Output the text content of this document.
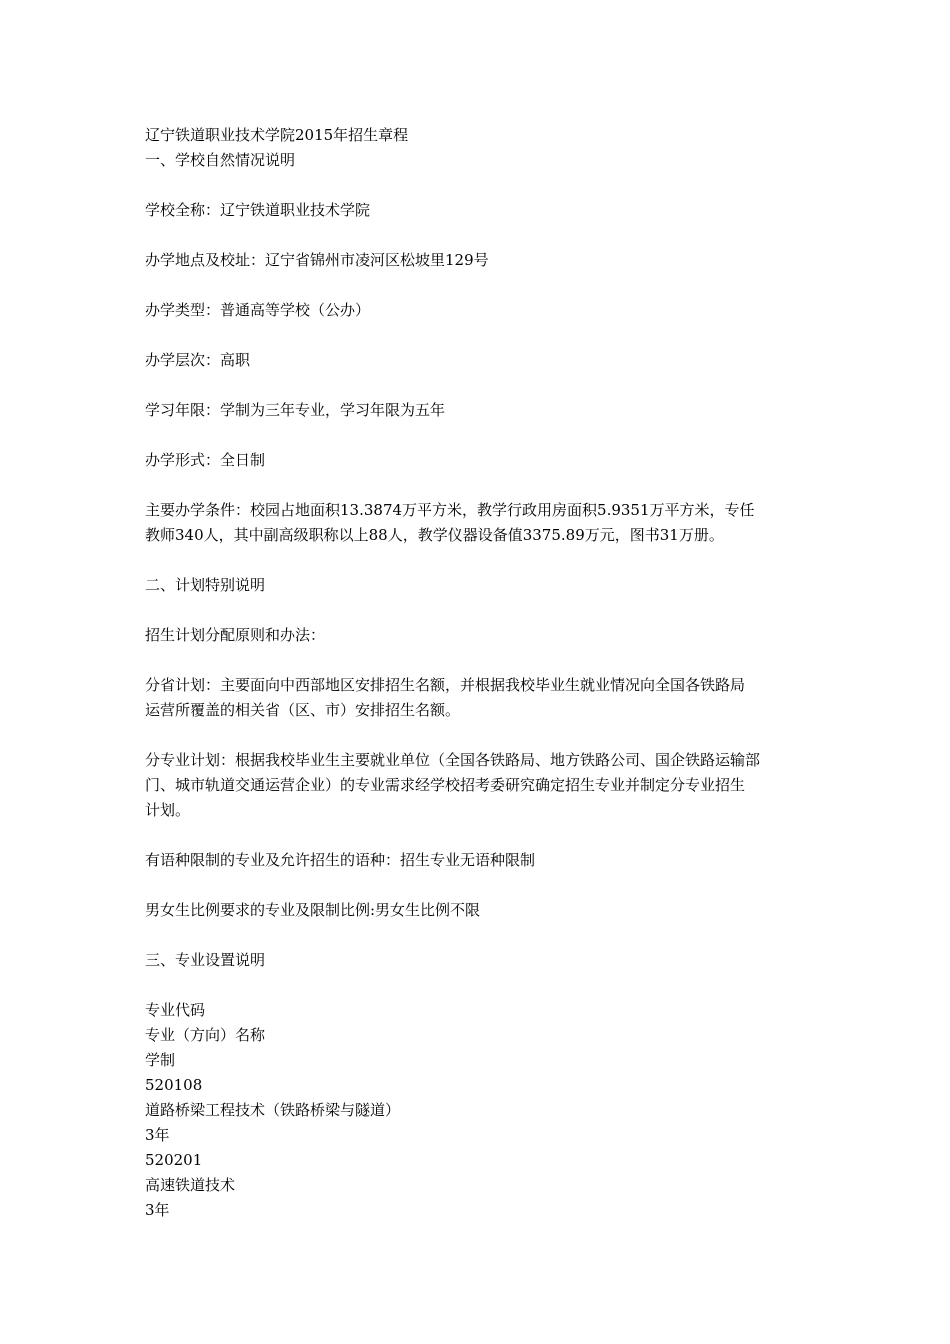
辽宁铁道职业技术学院2015年招生章程

一、学校自然情况说明

学校全称：辽宁铁道职业技术学院

办学地点及校址：辽宁省锦州市凌河区松坡里129号

办学类型：普通高等学校（公办）

办学层次：高职

学习年限：学制为三年专业，学习年限为五年

办学形式：全日制

主要办学条件：校园占地面积13.3874万平方米，教学行政用房面积5.9351万平方米，专任

教师340人，其中副高级职称以上88人，教学仪器设备值3375.89万元，图书31万册。

二、计划特别说明

招生计划分配原则和办法：

分省计划：主要面向中西部地区安排招生名额，并根据我校毕业生就业情况向全国各铁路局

运营所覆盖的相关省（区、市）安排招生名额。

分专业计划：根据我校毕业生主要就业单位（全国各铁路局、地方铁路公司、国企铁路运输部

门、城市轨道交通运营企业）的专业需求经学校招考委研究确定招生专业并制定分专业招生

计划。

有语种限制的专业及允许招生的语种：招生专业无语种限制

男女生比例要求的专业及限制比例:男女生比例不限

三、专业设置说明

专业代码

专业（方向）名称

学制

520108

道路桥梁工程技术（铁路桥梁与隧道）

3年

520201

高速铁道技术

3年
